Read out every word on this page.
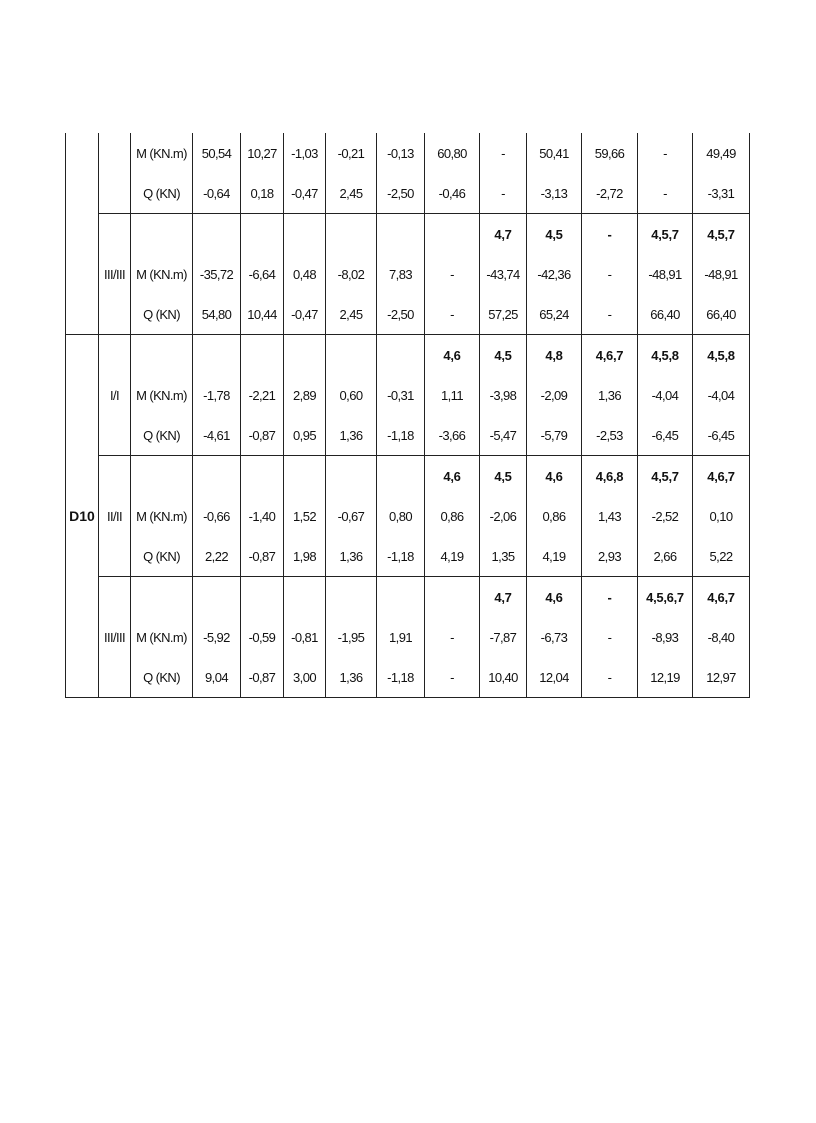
		M (KN.m)	50,54	10,27	-1,03	-0,21	-0,13	60,80	-	50,41	59,66	-	49,49
		Q (KN)	-0,64	0,18	-0,47	2,45	-2,50	-0,46	-	-3,13	-2,72	-	-3,31
	III/III								4,7	4,5	-	4,5,7	4,5,7
		M (KN.m)	-35,72	-6,64	0,48	-8,02	7,83	-	-43,74	-42,36	-	-48,91	-48,91
		Q (KN)	54,80	10,44	-0,47	2,45	-2,50	-	57,25	65,24	-	66,40	66,40
D10	I/I							4,6	4,5	4,8	4,6,7	4,5,8	4,5,8
		M (KN.m)	-1,78	-2,21	2,89	0,60	-0,31	1,11	-3,98	-2,09	1,36	-4,04	-4,04
		Q (KN)	-4,61	-0,87	0,95	1,36	-1,18	-3,66	-5,47	-5,79	-2,53	-6,45	-6,45
	II/II							4,6	4,5	4,6	4,6,8	4,5,7	4,6,7
		M (KN.m)	-0,66	-1,40	1,52	-0,67	0,80	0,86	-2,06	0,86	1,43	-2,52	0,10
		Q (KN)	2,22	-0,87	1,98	1,36	-1,18	4,19	1,35	4,19	2,93	2,66	5,22
	III/III								4,7	4,6	-	4,5,6,7	4,6,7
		M (KN.m)	-5,92	-0,59	-0,81	-1,95	1,91	-	-7,87	-6,73	-	-8,93	-8,40
		Q (KN)	9,04	-0,87	3,00	1,36	-1,18	-	10,40	12,04	-	12,19	12,97
